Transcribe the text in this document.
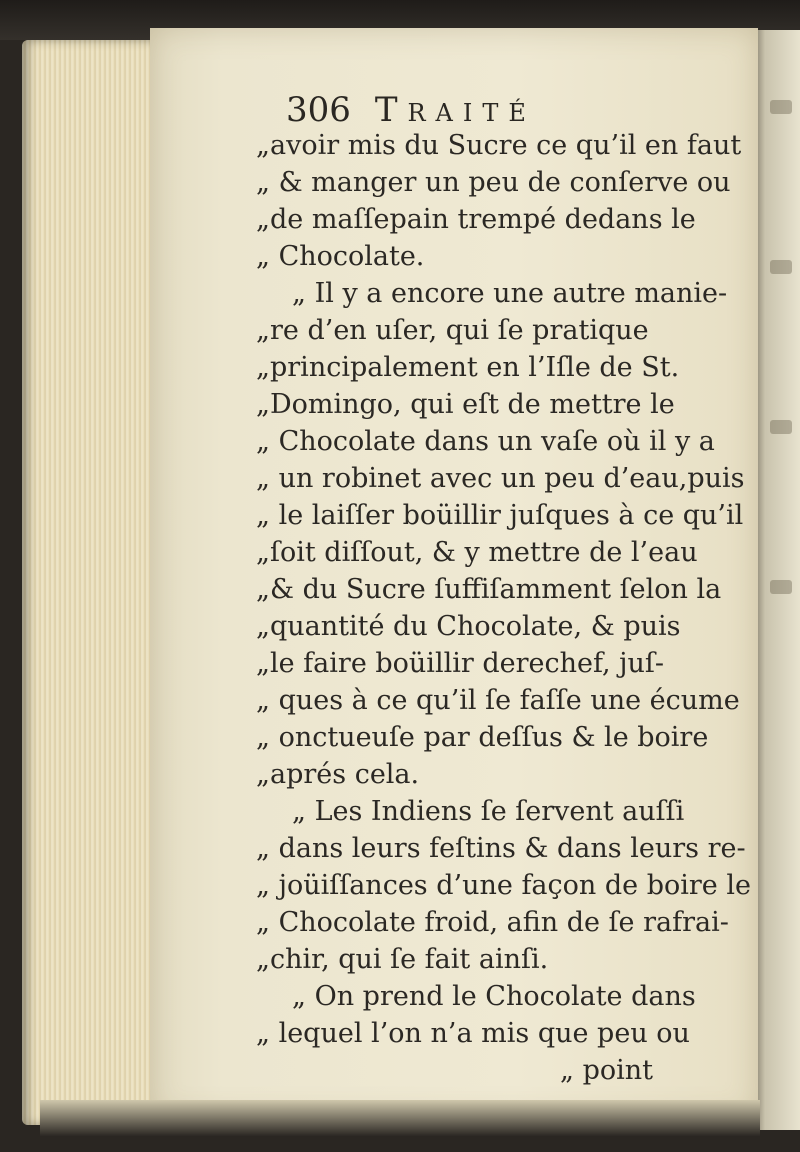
306 Traité
„avoir mis du Sucre ce qu’il en faut
„ & manger un peu de conſerve ou
„de maſſepain trempé dedans le
„ Chocolate.
„ Il y a encore une autre manie-
„re d’en uſer, qui ſe pratique
„principalement en l’Iſle de St.
„Domingo, qui eſt de mettre le
„ Chocolate dans un vaſe où il y a
„ un robinet avec un peu d’eau,puis
„ le laiſſer boüillir juſques à ce qu’il
„ſoit diſſout, & y mettre de l’eau
„& du Sucre ſuffiſamment ſelon la
„quantité du Chocolate, & puis
„le faire boüillir derechef, juſ-
„ ques à ce qu’il ſe faſſe une écume
„ onctueuſe par deſſus & le boire
„aprés cela.
„ Les Indiens ſe ſervent auſſi
„ dans leurs feſtins & dans leurs re-
„ joüiſſances d’une façon de boire le
„ Chocolate froid, afin de ſe rafrai-
„chir, qui ſe fait ainſi.
„ On prend le Chocolate dans
„ lequel l’on n’a mis que peu ou
„ point
